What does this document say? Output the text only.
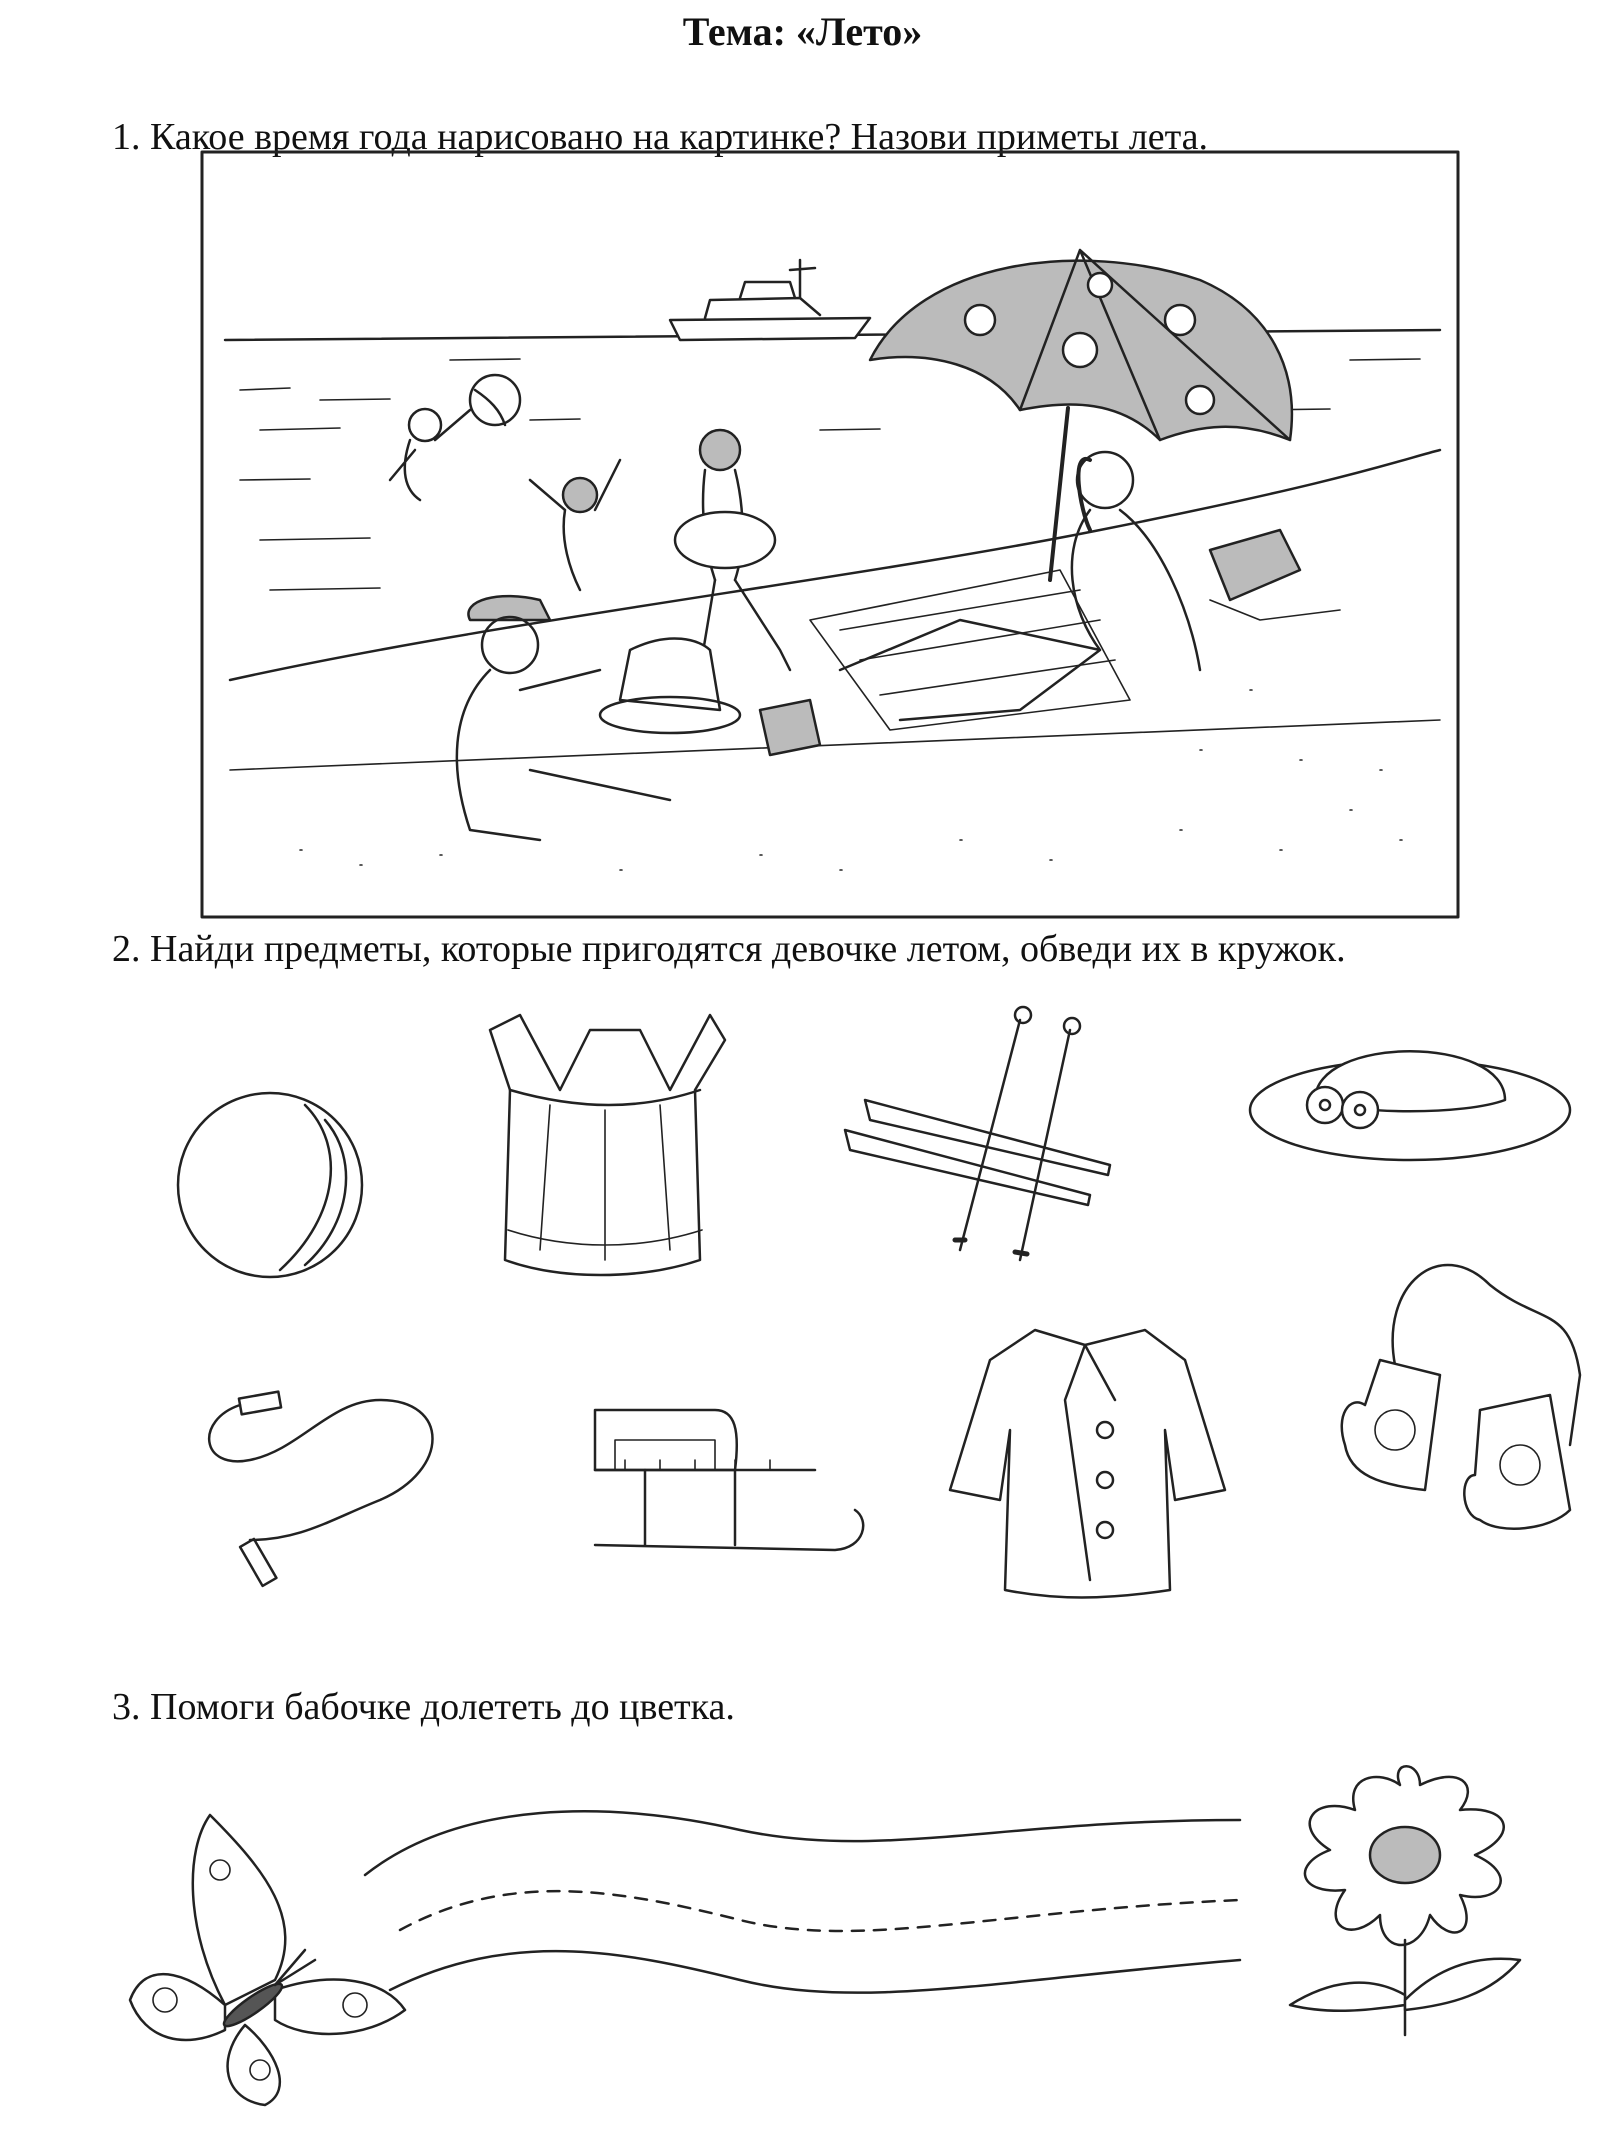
Тема: «Лето»
1. Какое время года нарисовано на картинке? Назови приметы лета.
2. Найди предметы, которые пригодятся девочке летом, обведи их в кружок.
3. Помоги бабочке долететь до цветка.
